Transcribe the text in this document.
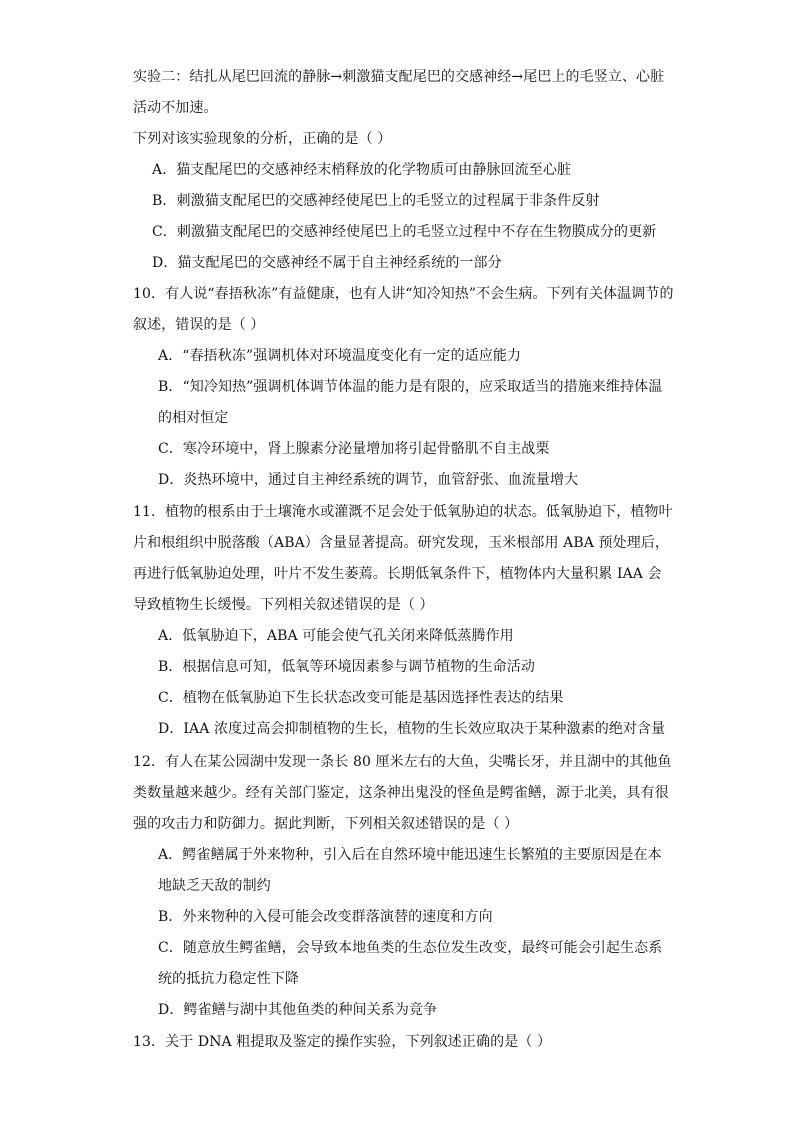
实验二：结扎从尾巴回流的静脉→刺激猫支配尾巴的交感神经→尾巴上的毛竖立、心脏
活动不加速。
下列对该实验现象的分析，正确的是（ ）
A．猫支配尾巴的交感神经末梢释放的化学物质可由静脉回流至心脏
B．刺激猫支配尾巴的交感神经使尾巴上的毛竖立的过程属于非条件反射
C．刺激猫支配尾巴的交感神经使尾巴上的毛竖立过程中不存在生物膜成分的更新
D．猫支配尾巴的交感神经不属于自主神经系统的一部分
10．有人说“春捂秋冻”有益健康，也有人讲“知冷知热”不会生病。下列有关体温调节的
叙述，错误的是（ ）
A．“春捂秋冻”强调机体对环境温度变化有一定的适应能力
B．“知冷知热”强调机体调节体温的能力是有限的，应采取适当的措施来维持体温
的相对恒定
C．寒冷环境中，肾上腺素分泌量增加将引起骨骼肌不自主战栗
D．炎热环境中，通过自主神经系统的调节，血管舒张、血流量增大
11．植物的根系由于土壤淹水或灌溉不足会处于低氧胁迫的状态。低氧胁迫下，植物叶
片和根组织中脱落酸（ABA）含量显著提高。研究发现，玉米根部用 ABA 预处理后，
再进行低氧胁迫处理，叶片不发生萎蔫。长期低氧条件下，植物体内大量积累 IAA 会
导致植物生长缓慢。下列相关叙述错误的是（ ）
A．低氧胁迫下，ABA 可能会使气孔关闭来降低蒸腾作用
B．根据信息可知，低氧等环境因素参与调节植物的生命活动
C．植物在低氧胁迫下生长状态改变可能是基因选择性表达的结果
D．IAA 浓度过高会抑制植物的生长，植物的生长效应取决于某种激素的绝对含量
12．有人在某公园湖中发现一条长 80 厘米左右的大鱼，尖嘴长牙，并且湖中的其他鱼
类数量越来越少。经有关部门鉴定，这条神出鬼没的怪鱼是鳄雀鳝，源于北美，具有很
强的攻击力和防御力。据此判断，下列相关叙述错误的是（ ）
A．鳄雀鳝属于外来物种，引入后在自然环境中能迅速生长繁殖的主要原因是在本
地缺乏天敌的制约
B．外来物种的入侵可能会改变群落演替的速度和方向
C．随意放生鳄雀鳝，会导致本地鱼类的生态位发生改变，最终可能会引起生态系
统的抵抗力稳定性下降
D．鳄雀鳝与湖中其他鱼类的种间关系为竞争
13．关于 DNA 粗提取及鉴定的操作实验，下列叙述正确的是（ ）
